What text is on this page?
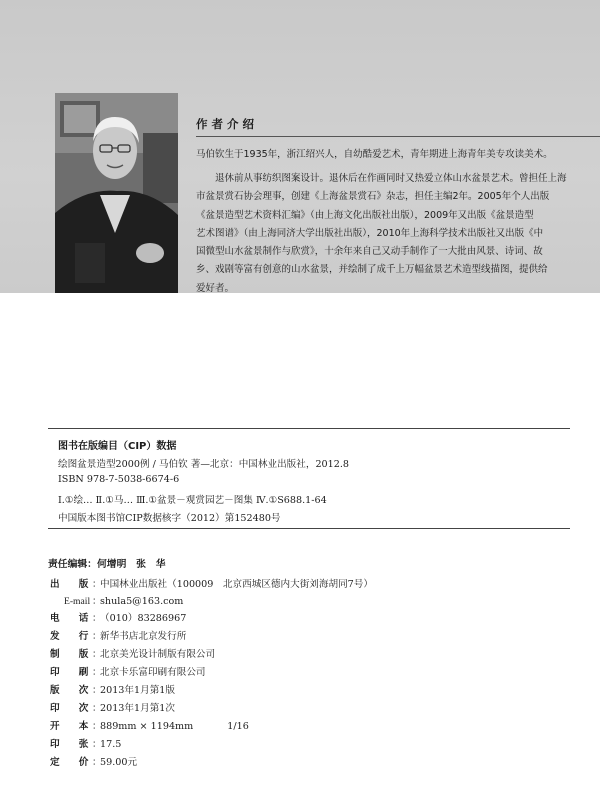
作者介绍
马伯钦生于1935年，浙江绍兴人，自幼酷爱艺术，青年期进上海青年美专攻读美术。
退休前从事纺织图案设计。退休后在作画同时又热爱立体山水盆景艺术。曾担任上海
市盆景赏石协会理事，创建《上海盆景赏石》杂志，担任主编2年。2005年个人出版
《盆景造型艺术资料汇编》（由上海文化出版社出版），2009年又出版《盆景造型
艺术图谱》（由上海同济大学出版社出版），2010年上海科学技术出版社又出版《中
国微型山水盆景制作与欣赏》，十余年来自己又动手制作了一大批由风景、诗词、故
乡、戏剧等富有创意的山水盆景，并绘制了成千上万幅盆景艺术造型线描图，提供给
爱好者。
图书在版编目（CIP）数据
绘图盆景造型2000例 / 马伯钦 著—北京：中国林业出版社，2012.8
ISBN 978-7-5038-6674-6
Ⅰ.①绘… Ⅱ.①马… Ⅲ.①盆景－观赏园艺－图集 Ⅳ.①S688.1-64
中国版本图书馆CIP数据核字（2012）第152480号
责任编辑：何增明　张　华
出　　版 ：中国林业出版社（100009　北京西城区德内大街刘海胡同7号）
E-mail ：shula5@163.com
电　　话 ：（010）83286967
发　　行 ：新华书店北京发行所
制　　版 ：北京美光设计制版有限公司
印　　刷 ：北京卡乐富印刷有限公司
版　　次 ：2013年1月第1版
印　　次 ：2013年1月第1次
开　　本 ：889mm × 1194mm	1/16
印　　张 ：17.5
定　　价 ：59.00元
